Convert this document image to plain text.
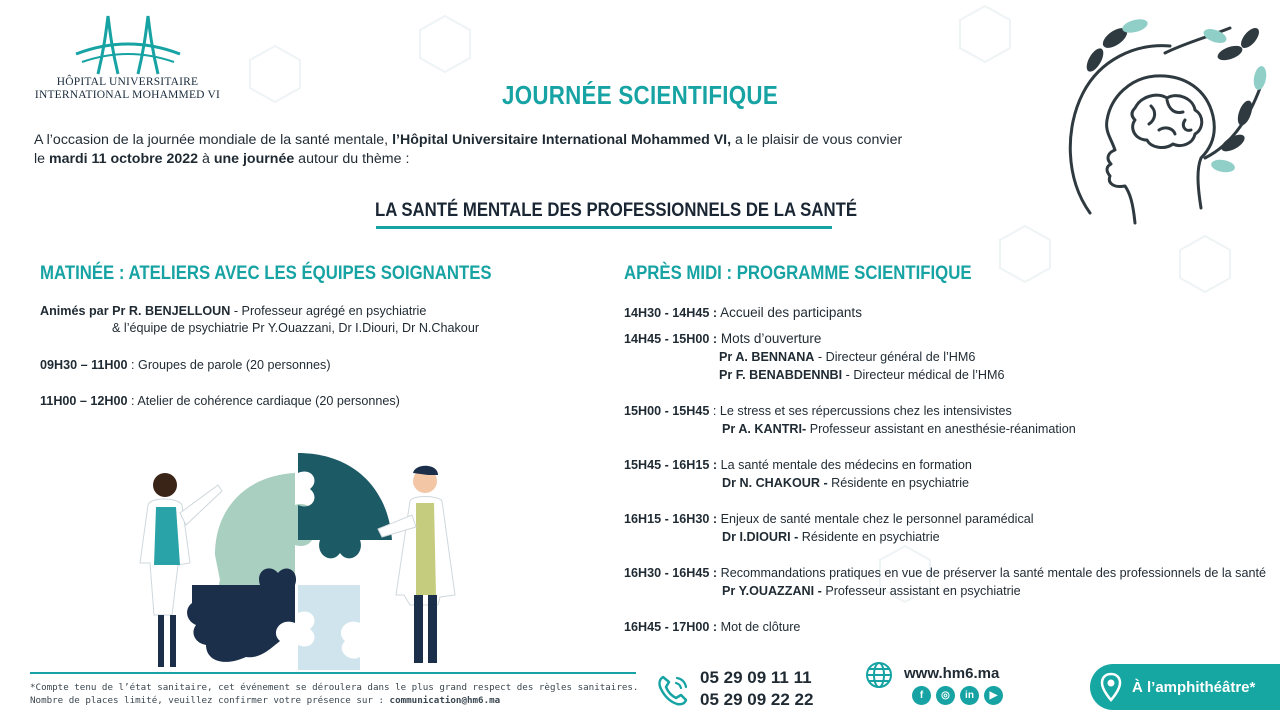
HÔPITAL UNIVERSITAIRE
INTERNATIONAL MOHAMMED VI	JOURNÉE SCIENTIFIQUE
A l’occasion de la journée mondiale de la santé mentale, l’Hôpital Universitaire International Mohammed VI, a le plaisir de vous convier
le mardi 11 octobre 2022 à une journée autour du thème :
LA SANTÉ MENTALE DES PROFESSIONNELS DE LA SANTÉ
MATINÉE : ATELIERS AVEC LES ÉQUIPES SOIGNANTES	APRÈS MIDI : PROGRAMME SCIENTIFIQUE
Animés par Pr R. BENJELLOUN - Professeur agrégé en psychiatrie
& l’équipe de psychiatrie Pr Y.Ouazzani, Dr I.Diouri, Dr N.Chakour
09H30 – 11H00 : Groupes de parole (20 personnes)
11H00 – 12H00 : Atelier de cohérence cardiaque (20 personnes)
14H30 - 14H45 : Accueil des participants
14H45 - 15H00 : Mots d’ouverture
Pr A. BENNANA - Directeur général de l’HM6
Pr F. BENABDENNBI - Directeur médical de l’HM6
15H00 - 15H45 : Le stress et ses répercussions chez les intensivistes
Pr A. KANTRI- Professeur assistant en anesthésie-réanimation
15H45 - 16H15 : La santé mentale des médecins en formation
Dr N. CHAKOUR - Résidente en psychiatrie
16H15 - 16H30 : Enjeux de santé mentale chez le personnel paramédical
Dr I.DIOURI - Résidente en psychiatrie
16H30 - 16H45 : Recommandations pratiques en vue de préserver la santé mentale des professionnels de la santé
Pr Y.OUAZZANI - Professeur assistant en psychiatrie
16H45 - 17H00 : Mot de clôture
*Compte tenu de l’état sanitaire, cet événement se déroulera dans le plus grand respect des règles sanitaires.
Nombre de places limité, veuillez confirmer votre présence sur : communication@hm6.ma
05 29 09 11 11
05 29 09 22 22
www.hm6.ma
f	◎	in	▶	À l’amphithéâtre*
